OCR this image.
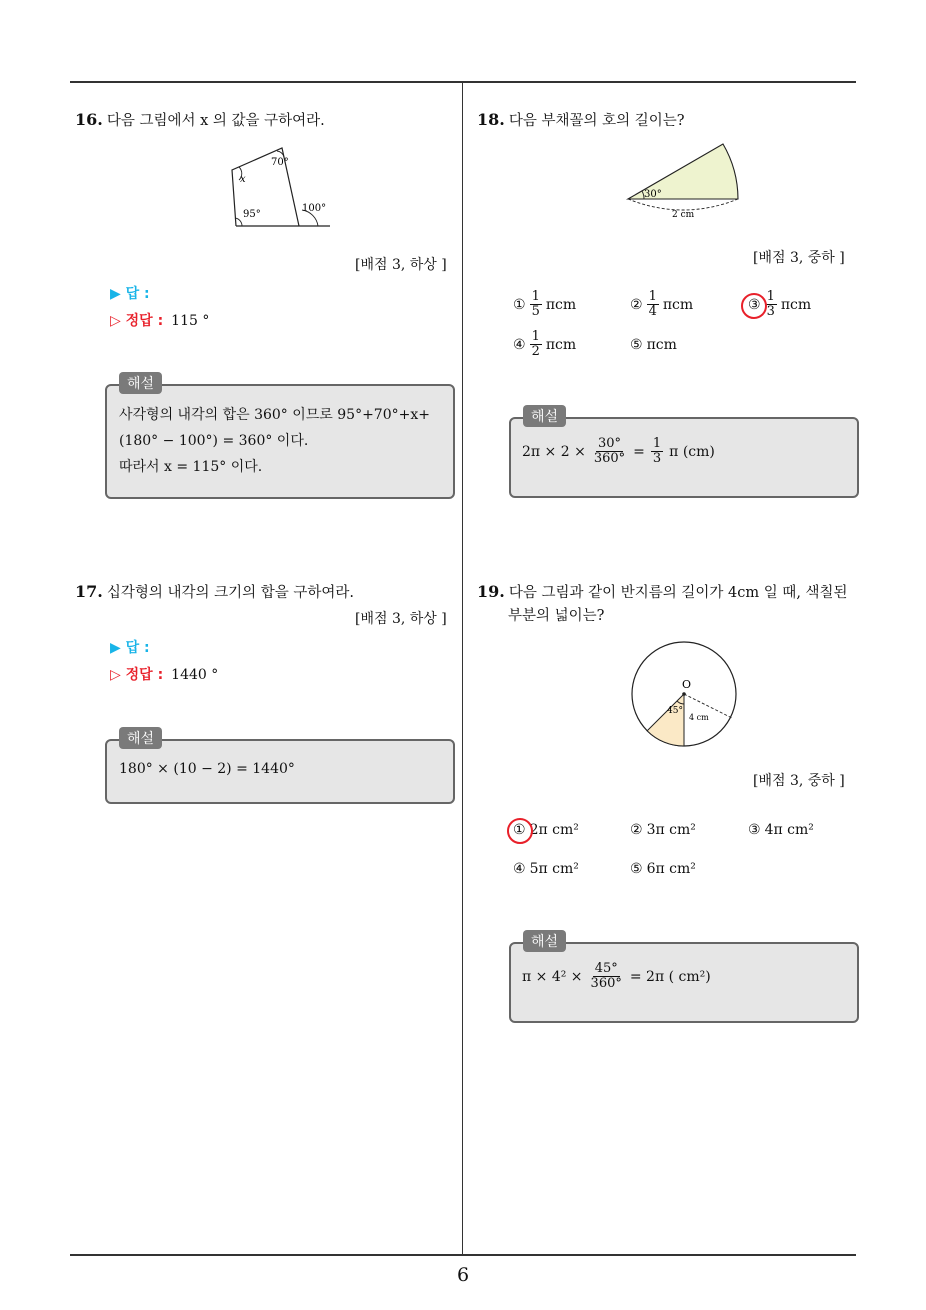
16. 다음 그림에서 x 의 값을 구하여라.
70°
x
95°
100°
[배점 3, 하상 ]
▶ 답 :
▷ 정답 : 115 °
해설
사각형의 내각의 합은 360° 이므로 95°+70°+x+
(180° − 100°) = 360° 이다.
따라서 x = 115° 이다.
17. 십각형의 내각의 크기의 합을 구하여라.
[배점 3, 하상 ]
▶ 답 :
▷ 정답 : 1440 °
해설
180° × (10 − 2) = 1440°
18. 다음 부채꼴의 호의 길이는?
30°
2 cm
[배점 3, 중하 ]
① $\frac{1}{5}$ πcm	② $\frac{1}{4}$ πcm	③ $\frac{1}{3}$ πcm
④ $\frac{1}{2}$ πcm	⑤ πcm
해설
$2\pi \times 2 \times \frac{30^\circ}{360^\circ} = \frac{1}{3}$ π (cm)
19. 다음 그림과 같이 반지름의 길이가 4cm 일 때, 색칠된
부분의 넓이는?
O
45°
4 cm
[배점 3, 중하 ]
① 2π cm²	② 3π cm²	③ 4π cm²
④ 5π cm²	⑤ 6π cm²
해설
$\pi \times 4^2 \times \frac{45^\circ}{360^\circ} = 2\pi$ ( cm²)
6
